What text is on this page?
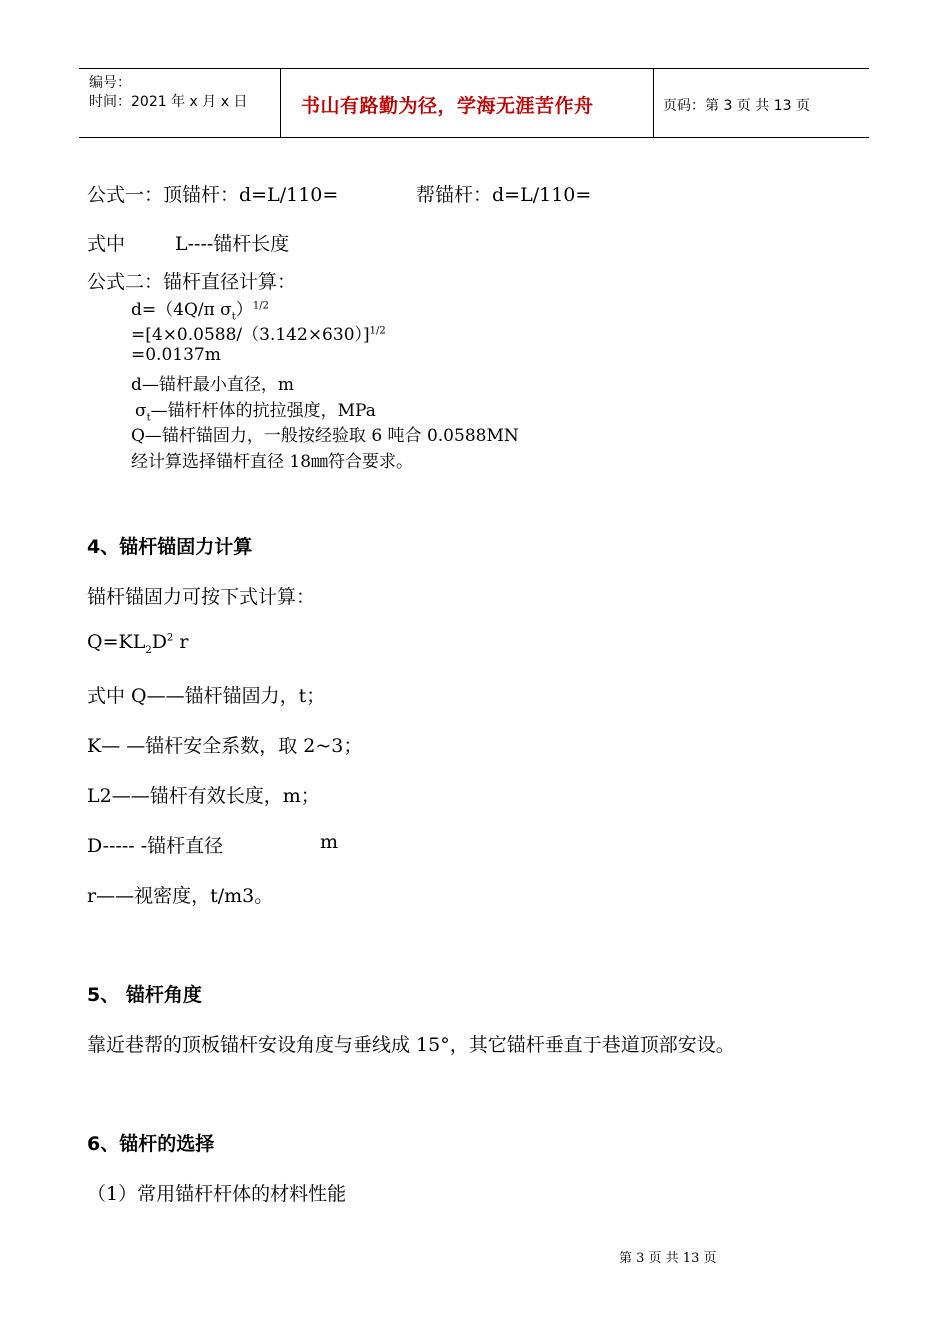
编号：
时间：2021 年 x 月 x 日	书山有路勤为径，学海无涯苦作舟	页码：第 3 页 共 13 页
公式一：顶锚杆：d=L/110=	帮锚杆：d=L/110=
式中	L----锚杆长度
公式二：锚杆直径计算：
d=（4Q/π $\sigma_t)^{1/2}$
$=[4\times 0.0588/(3.142\times 630)]^{1/2}$
=0.0137m
d—锚杆最小直径，m
$\sigma_t—$锚杆杆体的抗拉强度，MPa
Q—锚杆锚固力，一般按经验取 6 吨合 0.0588MN
经计算选择锚杆直径 18㎜符合要求。
4、锚杆锚固力计算
锚杆锚固力可按下式计算：
$Q=KL_2D^2$ r
式中 Q——锚杆锚固力，t；
K— —锚杆安全系数，取 2~3；
L2——锚杆有效长度，m；
D----- -锚杆直径	m
r——视密度，t/m3。
5、 锚杆角度
靠近巷帮的顶板锚杆安设角度与垂线成 15°，其它锚杆垂直于巷道顶部安设。
6、锚杆的选择
（1）常用锚杆杆体的材料性能
第 3 页 共 13 页
